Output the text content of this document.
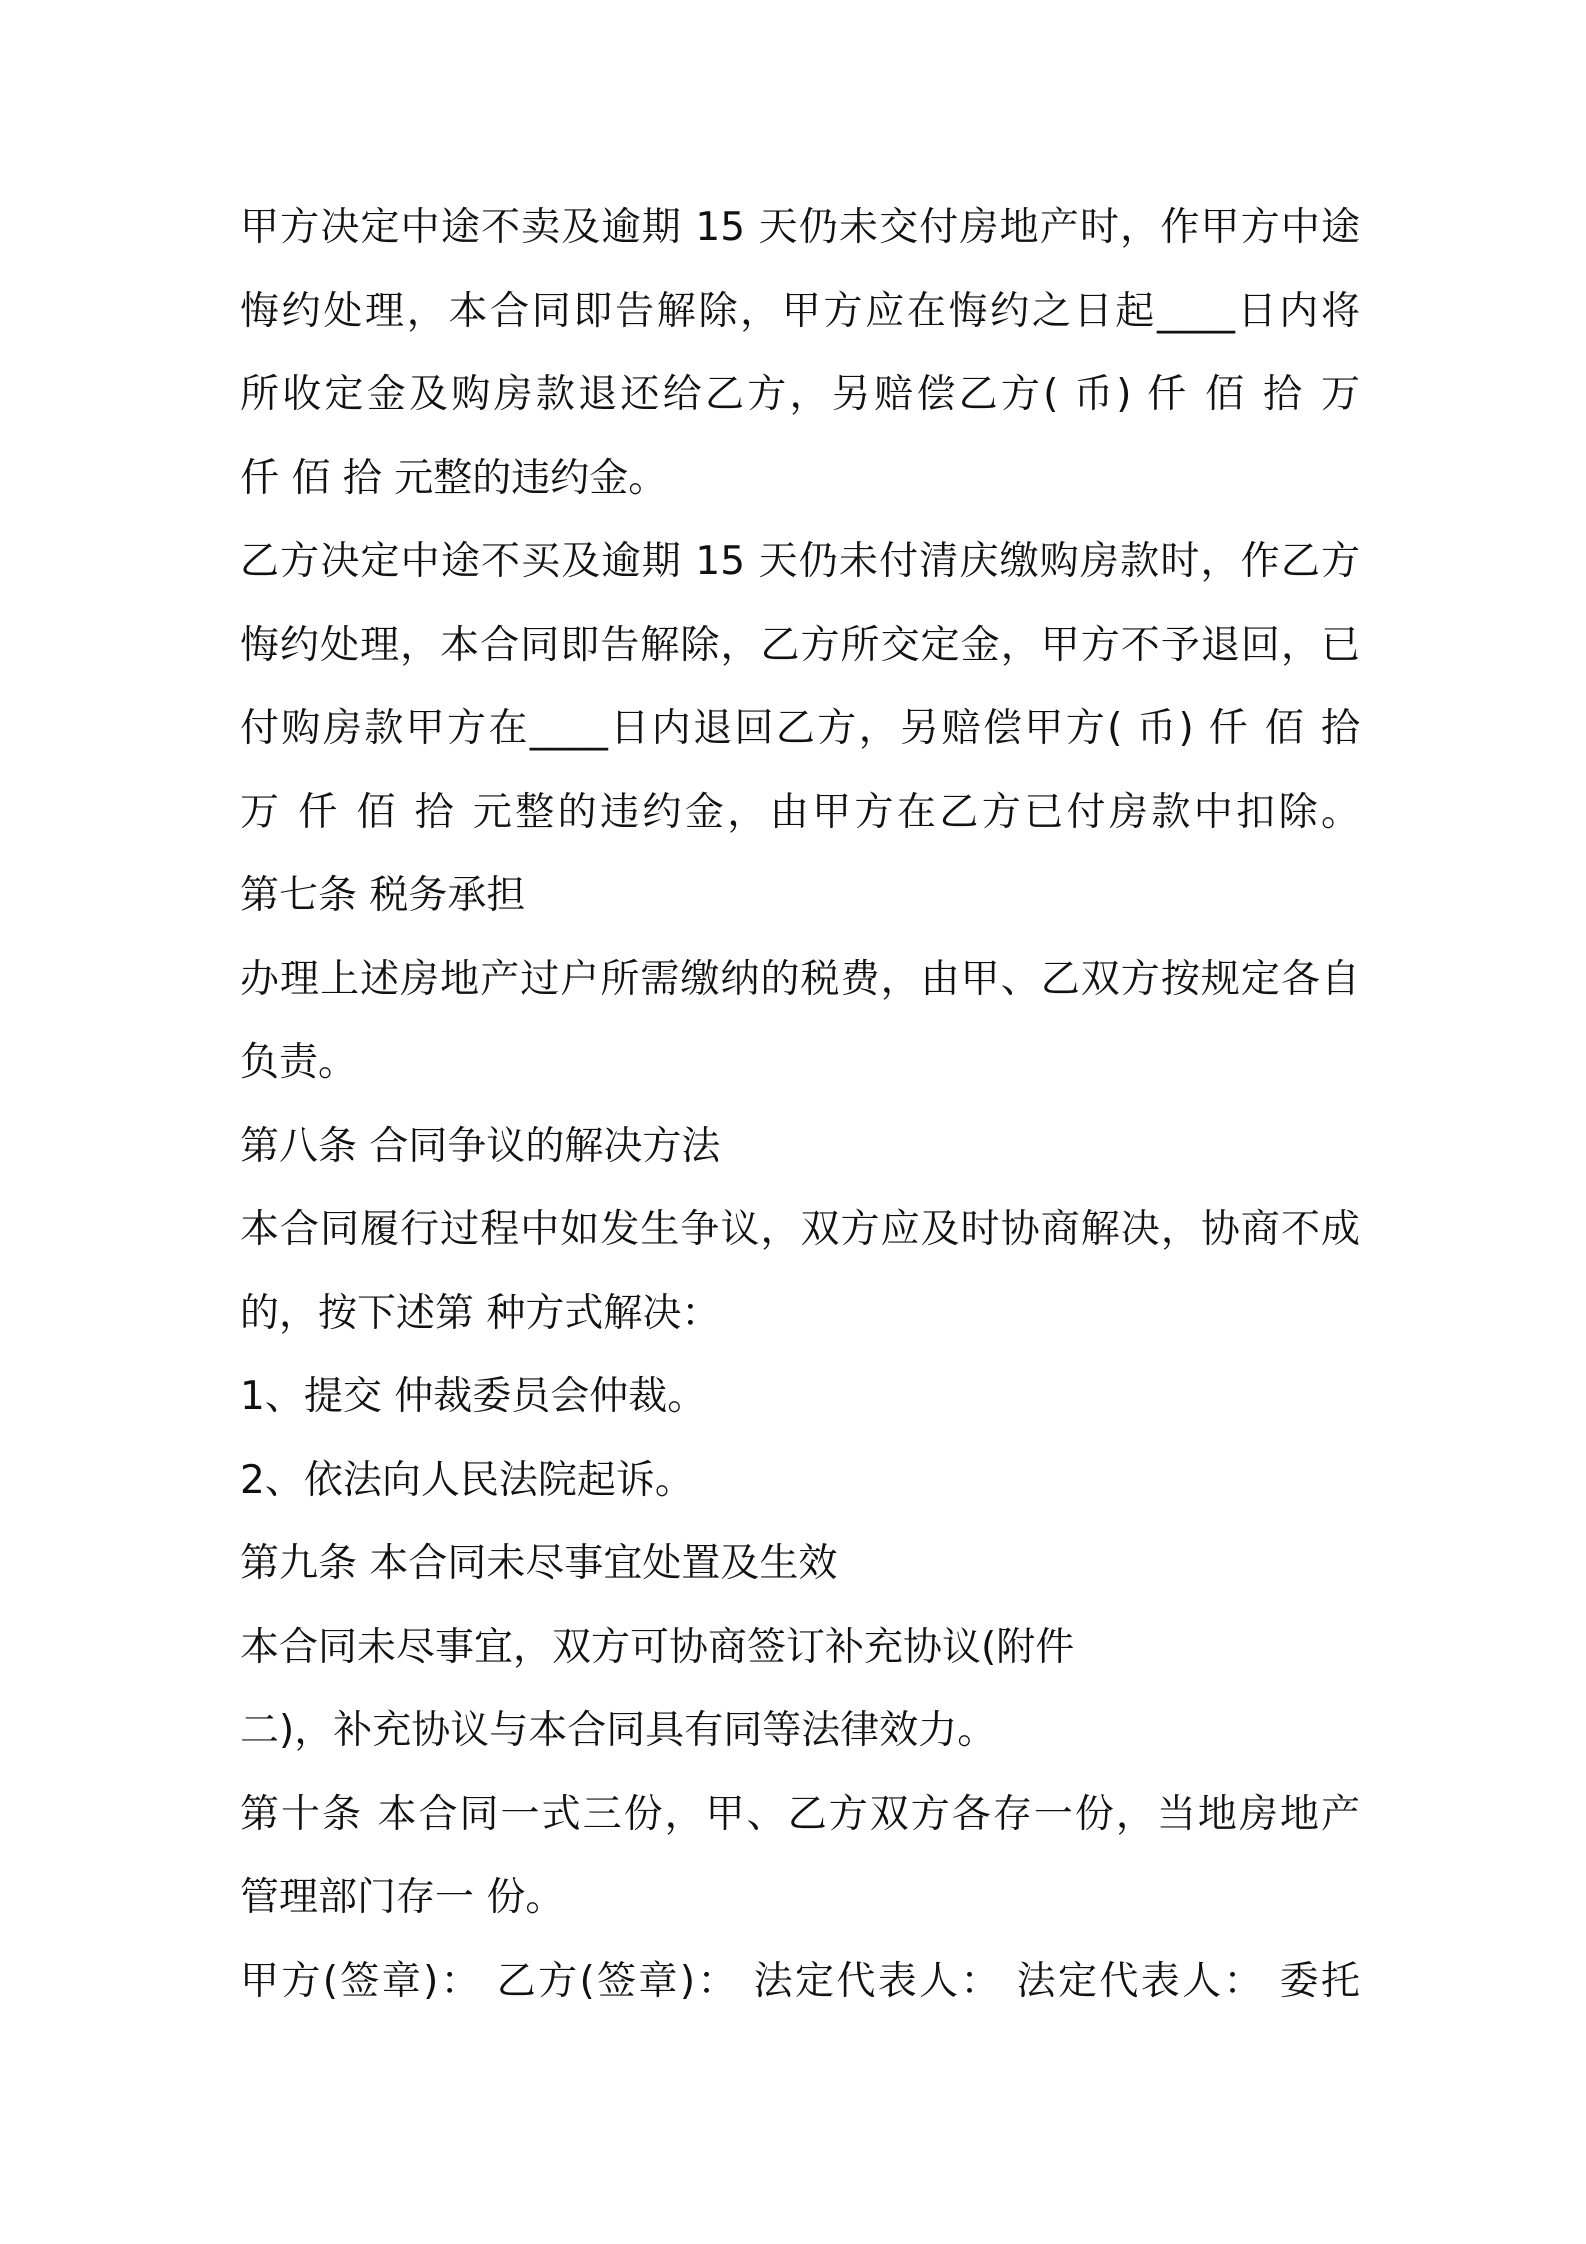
甲方决定中途不卖及逾期 15 天仍未交付房地产时，作甲方中途
悔约处理，本合同即告解除，甲方应在悔约之日起____日内将
所收定金及购房款退还给乙方，另赔偿乙方( 币) 仟 佰 拾 万
仟 佰 拾 元整的违约金。
乙方决定中途不买及逾期 15 天仍未付清庆缴购房款时，作乙方
悔约处理，本合同即告解除，乙方所交定金，甲方不予退回，已
付购房款甲方在____日内退回乙方，另赔偿甲方( 币) 仟 佰 拾
万 仟 佰 拾 元整的违约金，由甲方在乙方已付房款中扣除。
第七条 税务承担
办理上述房地产过户所需缴纳的税费，由甲、乙双方按规定各自
负责。
第八条 合同争议的解决方法
本合同履行过程中如发生争议，双方应及时协商解决，协商不成
的，按下述第 种方式解决：
1、提交 仲裁委员会仲裁。
2、依法向人民法院起诉。
第九条 本合同未尽事宜处置及生效
本合同未尽事宜，双方可协商签订补充协议(附件
二)，补充协议与本合同具有同等法律效力。
第十条 本合同一式三份，甲、乙方双方各存一份，当地房地产
管理部门存一 份。
甲方(签章)： 乙方(签章)： 法定代表人： 法定代表人： 委托
